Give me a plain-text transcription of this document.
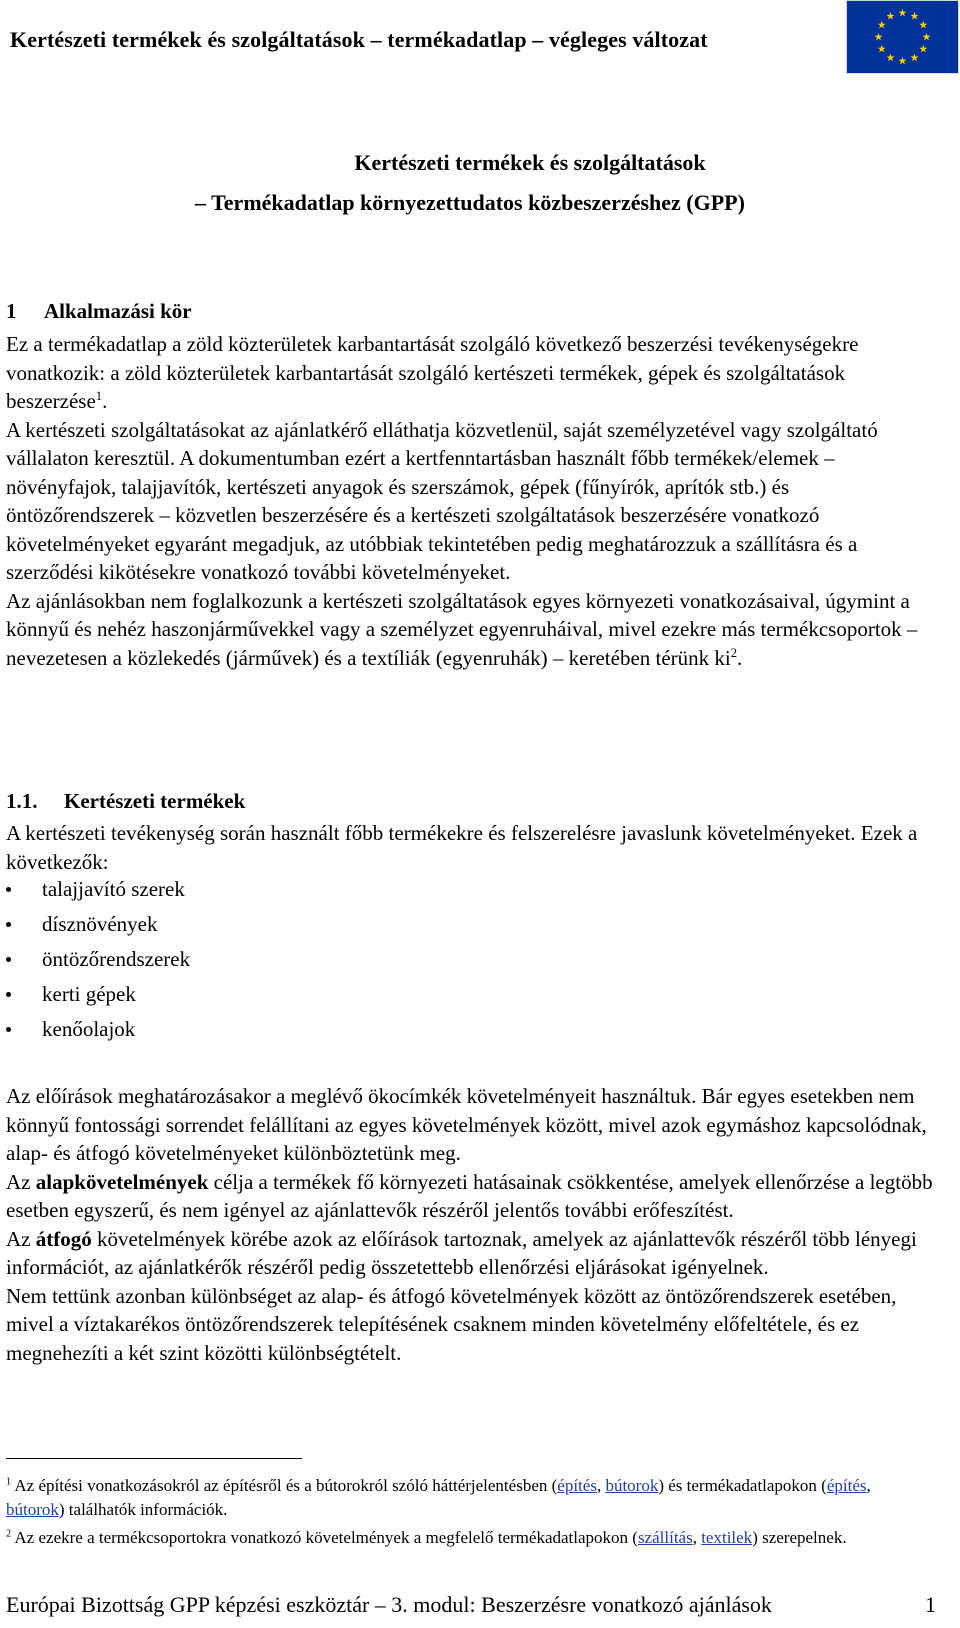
Kertészeti termékek és szolgáltatások – termékadatlap – végleges változat
Kertészeti termékek és szolgáltatások
– Termékadatlap környezettudatos közbeszerzéshez (GPP)
1 Alkalmazási kör

Ez a termékadatlap a zöld közterületek karbantartását szolgáló következő beszerzési tevékenységekre vonatkozik: a zöld közterületek karbantartását szolgáló kertészeti termékek, gépek és szolgáltatások beszerzése$^1$.

A kertészeti szolgáltatásokat az ajánlatkérő elláthatja közvetlenül, saját személyzetével vagy szolgáltató vállalaton keresztül. A dokumentumban ezért a kertfenntartásban használt főbb termékek/elemek – növényfajok, talajjavítók, kertészeti anyagok és szerszámok, gépek (fűnyírók, aprítók stb.) és öntözőrendszerek – közvetlen beszerzésére és a kertészeti szolgáltatások beszerzésére vonatkozó követelményeket egyaránt megadjuk, az utóbbiak tekintetében pedig meghatározzuk a szállításra és a szerződési kikötésekre vonatkozó további követelményeket.

Az ajánlásokban nem foglalkozunk a kertészeti szolgáltatások egyes környezeti vonatkozásaival, úgymint a könnyű és nehéz haszonjárművekkel vagy a személyzet egyenruháival, mivel ezekre más termékcsoportok – nevezetesen a közlekedés (járművek) és a textíliák (egyenruhák) – keretében térünk $ki^2$.

1.1. Kertészeti termékek

A kertészeti tevékenység során használt főbb termékekre és felszerelésre javaslunk követelményeket. Ezek a következők:

talajjavító szerek
dísznövények
öntözőrendszerek
kerti gépek
kenőolajok

Az előírások meghatározásakor a meglévő ökocímkék követelményeit használtuk. Bár egyes esetekben nem könnyű fontossági sorrendet felállítani az egyes követelmények között, mivel azok egymáshoz kapcsolódnak, alap- és átfogó követelményeket különböztetünk meg.

Az alapkövetelmények célja a termékek fő környezeti hatásainak csökkentése, amelyek ellenőrzése a legtöbb esetben egyszerű, és nem igényel az ajánlattevők részéről jelentős további erőfeszítést.

Az átfogó követelmények körébe azok az előírások tartoznak, amelyek az ajánlattevők részéről több lényegi információt, az ajánlatkérők részéről pedig összetettebb ellenőrzési eljárásokat igényelnek.

Nem tettünk azonban különbséget az alap- és átfogó követelmények között az öntözőrendszerek esetében, mivel a víztakarékos öntözőrendszerek telepítésének csaknem minden követelmény előfeltétele, és ez megnehezíti a két szint közötti különbségtételt.

$^1$ Az építési vonatkozásokról az építésről és a bútorokról szóló háttérjelentésben (építés, bútorok) és termékadatlapokon (építés, bútorok) találhatók információk.

$^2$ Az ezekre a termékcsoportokra vonatkozó követelmények a megfelelő termékadatlapokon (szállítás, textilek) szerepelnek.

Európai Bizottság GPP képzési eszköztár – 3. modul: Beszerzésre vonatkozó ajánlások	1
